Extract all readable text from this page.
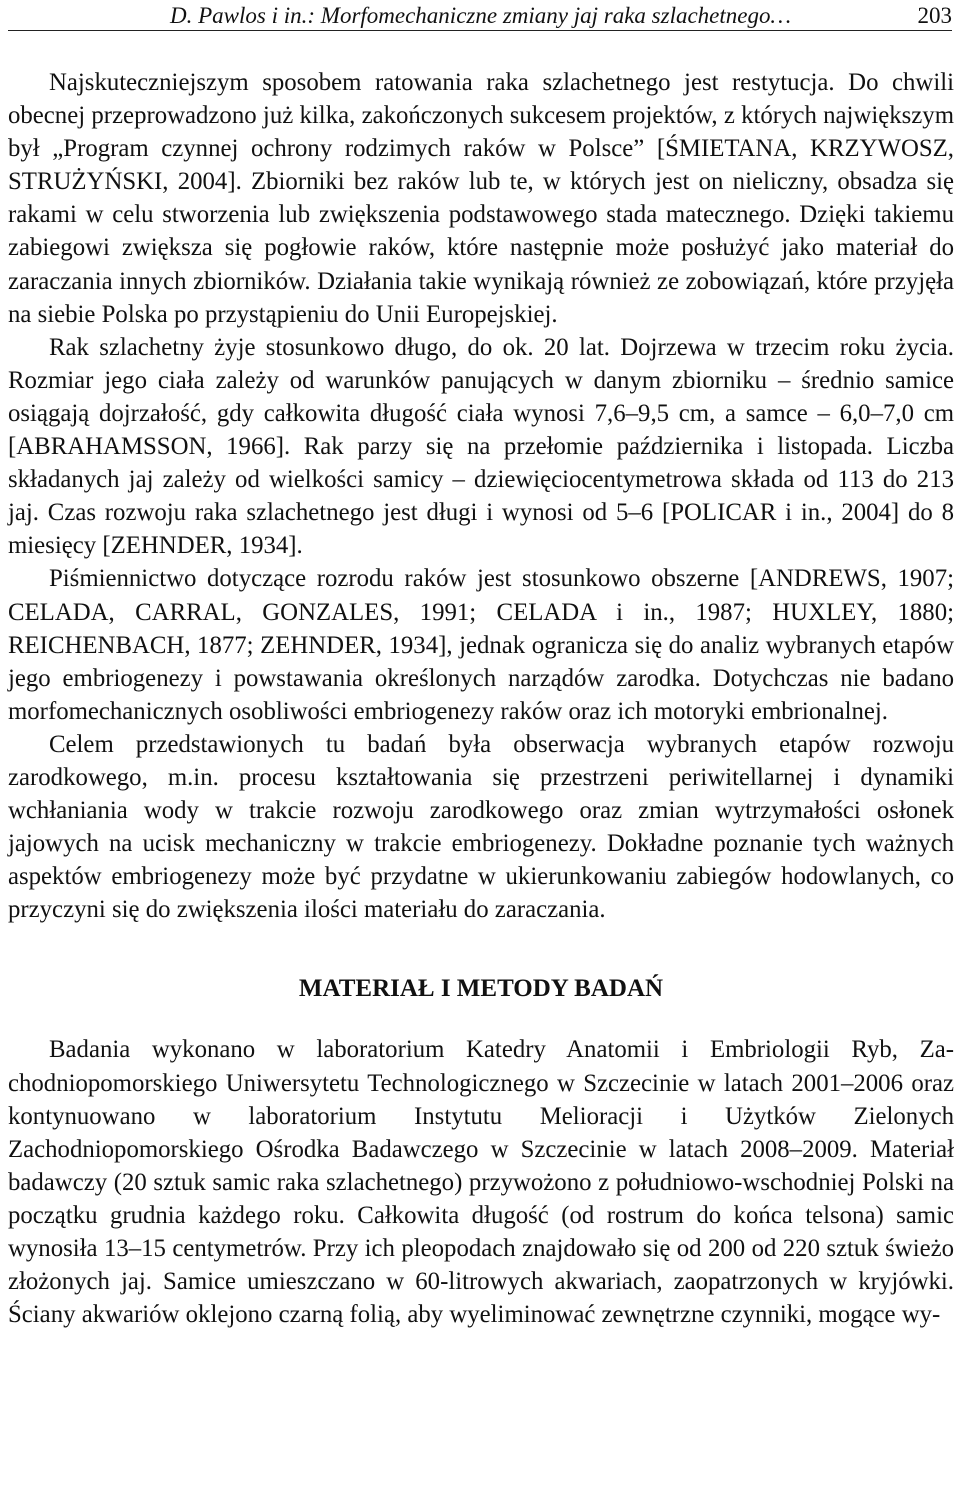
D. Pawlos i in.: Morfomechaniczne zmiany jaj raka szlachetnego…	203

Najskuteczniejszym sposobem ratowania raka szlachetnego jest restytucja. Do chwili obecnej przeprowadzono już kilka, zakończonych sukcesem projektów, z których największym był „Program czynnej ochrony rodzimych raków w Polsce” [ŚMIETANA, KRZYWOSZ, STRUŻYŃSKI, 2004]. Zbiorniki bez raków lub te, w których jest on nieliczny, obsadza się rakami w celu stworzenia lub zwiększenia podstawowego stada matecznego. Dzięki takiemu zabiegowi zwiększa się pogłowie raków, które następnie może posłużyć jako materiał do zaraczania innych zbiorników. Działania takie wynikają również ze zobowiązań, które przyjęła na siebie Polska po przystąpieniu do Unii Europejskiej.

Rak szlachetny żyje stosunkowo długo, do ok. 20 lat. Dojrzewa w trzecim roku życia. Rozmiar jego ciała zależy od warunków panujących w danym zbiorniku – średnio samice osiągają dojrzałość, gdy całkowita długość ciała wynosi 7,6–9,5 cm, a samce – 6,0–7,0 cm [ABRAHAMSSON, 1966]. Rak parzy się na przełomie października i listopada. Liczba składanych jaj zależy od wielkości samicy – dziewięciocentymetrowa składa od 113 do 213 jaj. Czas rozwoju raka szlachetnego jest długi i wynosi od 5–6 [POLICAR i in., 2004] do 8 miesięcy [ZEHNDER, 1934].

Piśmiennictwo dotyczące rozrodu raków jest stosunkowo obszerne [ANDREWS, 1907; CELADA, CARRAL, GONZALES, 1991; CELADA i in., 1987; HUXLEY, 1880; REICHENBACH, 1877; ZEHNDER, 1934], jednak ogranicza się do analiz wybranych etapów jego embriogenezy i powstawania określonych narządów zarodka. Dotychczas nie badano morfomechanicznych osobliwości embriogenezy raków oraz ich motoryki embrionalnej.

Celem przedstawionych tu badań była obserwacja wybranych etapów rozwoju zarodkowego, m.in. procesu kształtowania się przestrzeni periwitellarnej i dynamiki wchłaniania wody w trakcie rozwoju zarodkowego oraz zmian wytrzymałości osłonek jajowych na ucisk mechaniczny w trakcie embriogenezy. Dokładne poznanie tych ważnych aspektów embriogenezy może być przydatne w ukierunkowaniu zabiegów hodowlanych, co przyczyni się do zwiększenia ilości materiału do zaraczania.

MATERIAŁ I METODY BADAŃ

Badania wykonano w laboratorium Katedry Anatomii i Embriologii Ryb, Zachodniopomorskiego Uniwersytetu Technologicznego w Szczecinie w latach 2001–2006 oraz kontynuowano w laboratorium Instytutu Melioracji i Użytków Zielonych Zachodniopomorskiego Ośrodka Badawczego w Szczecinie w latach 2008–2009. Materiał badawczy (20 sztuk samic raka szlachetnego) przywożono z południowo-wschodniej Polski na początku grudnia każdego roku. Całkowita długość (od rostrum do końca telsona) samic wynosiła 13–15 centymetrów. Przy ich pleopodach znajdowało się od 200 od 220 sztuk świeżo złożonych jaj. Samice umieszczano w 60-litrowych akwariach, zaopatrzonych w kryjówki. Ściany akwariów oklejono czarną folią, aby wyeliminować zewnętrzne czynniki, mogące wy-
